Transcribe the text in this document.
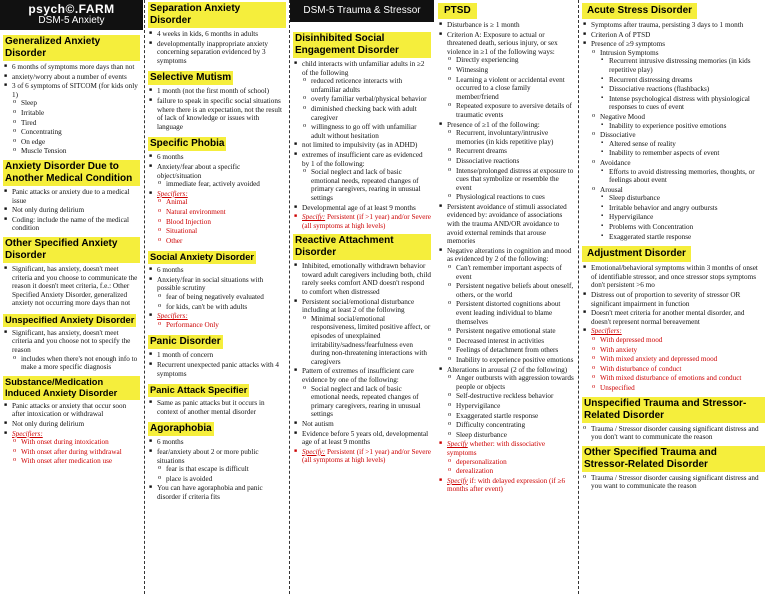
psych©.FARM
DSM-5 Anxiety
Generalized Anxiety Disorder
■ 6 months of symptoms more days than not
■ anxiety/worry about a number of events
■ 3 of 6 symptoms of SITCOM (for kids only 1)
o Sleep
o Irritable
o Tired
o Concentrating
o On edge
o Muscle Tension
Anxiety Disorder Due to Another Medical Condition
■ Panic attacks or anxiety due to a medical issue
■ Not only during delirium
■ Coding: include the name of the medical condition
Other Specified Anxiety Disorder
■ Significant, has anxiety, doesn't meet criteria and you choose to communicate the reason it doesn't meet criteria, f.e.: Other Specified Anxiety Disorder, generalized anxiety not occurring more days than not
Unspecified Anxiety Disorder
■ Significant, has anxiety, doesn't meet criteria and you choose not to specify the reason
o includes when there's not enough info to make a more specific diagnosis
Substance/Medication Induced Anxiety Disorder
■ Panic attacks or anxiety that occur soon after intoxication or withdrawal
■ Not only during delirium
■ Specifiers:
o With onset during intoxication
o With onset after during withdrawal
o With onset after medication use
Separation Anxiety Disorder
■ 4 weeks in kids, 6 months in adults
■ developmentally inappropriate anxiety concerning separation evidenced by 3 symptoms
Selective Mutism
■ 1 month (not the first month of school)
■ failure to speak in specific social situations where there is an expectation, not the result of lack of knowledge or issues with language
Specific Phobia
■ 6 months
■ Anxiety/fear about a specific object/situation
o immediate fear, actively avoided
■ Specifiers:
o Animal
o Natural environment
o Blood Injection
o Situational
o Other
Social Anxiety Disorder
■ 6 months
■ Anxiety/fear in social situations with possible scrutiny
o fear of being negatively evaluated
o for kids, can't be with adults
■ Specifiers:
o Performance Only
Panic Disorder
■ 1 month of concern
■ Recurrent unexpected panic attacks with 4 symptoms
Panic Attack Specifier
■ Same as panic attacks but it occurs in context of another mental disorder
Agoraphobia
■ 6 months
■ fear/anxiety about 2 or more public situations
o fear is that escape is difficult
o place is avoided
■ You can have agoraphobia and panic disorder if criteria fits
DSM-5 Trauma & Stressor
Disinhibited Social Engagement Disorder
■ child interacts with unfamiliar adults in ≥2 of the following
o reduced reticence interacts with unfamiliar adults
o overly familiar verbal/physical behavior
o diminished checking back with adult caregiver
o willingness to go off with unfamiliar adult without hesitation
■ not limited to impulsivity (as in ADHD)
■ extremes of insufficient care as evidenced by 1 of the following:
o Social neglect and lack of basic emotional needs, repeated changes of primary caregivers, rearing in unusual settings
■ Developmental age of at least 9 months
■ Specify: Persistent (if >1 year) and/or Severe (all symptoms at high levels)
Reactive Attachment Disorder
■ Inhibited, emotionally withdrawn behavior toward adult caregivers including both, child rarely seeks comfort AND doesn't respond to comfort when distressed
■ Persistent social/emotional disturbance including at least 2 of the following
o Minimal social/emotional responsiveness, limited positive affect, or episodes of unexplained irritability/sadness/fearfulness even during non-threatening interactions with caregivers
■ Pattern of extremes of insufficient care evidence by one of the following:
o Social neglect and lack of basic emotional needs, repeated changes of primary caregivers, rearing in unusual settings
■ Not autism
■ Evidence before 5 years old, developmental age of at least 9 months
■ Specify: Persistent (if >1 year) and/or Severe (all symptoms at high levels)
PTSD
■ Disturbance is ≥ 1 month
■ Criterion A: Exposure to actual or threatened death, serious injury, or sex violence in ≥1 of the following ways:
o Directly experiencing
o Witnessing
o Learning a violent or accidental event occurred to a close family member/friend
o Repeated exposure to aversive details of traumatic events
■ Presence of ≥1 of the following:
o Recurrent, involuntary/intrusive memories (in kids repetitive play)
o Recurrent dreams
o Dissociative reactions
o Intense/prolonged distress at exposure to cues that symbolize or resemble the event
o Physiological reactions to cues
■ Persistent avoidance of stimuli associated evidenced by: avoidance of associations with the trauma AND/OR avoidance to avoid external reminds that arouse memories
■ Negative alterations in cognition and mood as evidenced by 2 of the following:
o Can't remember important aspects of event
o Persistent negative beliefs about oneself, others, or the world
o Persistent distorted cognitions about event leading individual to blame themselves
o Persistent negative emotional state
o Decreased interest in activities
o Feelings of detachment from others
o Inability to experience positive emotions
■ Alterations in arousal (2 of the following)
o Anger outbursts with aggression towards people or objects
o Self-destructive reckless behavior
o Hypervigilance
o Exaggerated startle response
o Difficulty concentrating
o Sleep disturbance
■ Specify whether: with dissociative symptoms
o depersonalization
o derealization
■ Specify if: with delayed expression (if ≥6 months after event)
Acute Stress Disorder
■ Symptoms after trauma, persisting 3 days to 1 month
■ Criterion A of PTSD
■ Presence of ≥9 symptoms
o Intrusion Symptoms
▪ Recurrent intrusive distressing memories (in kids repetitive play)
▪ Recurrent distressing dreams
▪ Dissociative reactions (flashbacks)
▪ Intense psychological distress with physiological responses to cues of event
o Negative Mood
▪ Inability to experience positive emotions
o Dissociative
▪ Altered sense of reality
▪ Inability to remember aspects of event
o Avoidance
▪ Efforts to avoid distressing memories, thoughts, or feelings about event
o Arousal
▪ Sleep disturbance
▪ Irritable behavior and angry outbursts
▪ Hypervigilance
▪ Problems with Concentration
▪ Exaggerated startle response
Adjustment Disorder
■ Emotional/behavioral symptoms within 3 months of onset of identifiable stressor, and once stressor stops symptoms don't persistent >6 mo
■ Distress out of proportion to severity of stressor OR significant impairment in function
■ Doesn't meet criteria for another mental disorder, and doesn't represent normal bereavement
■ Specifiers:
o With depressed mood
o With anxiety
o With mixed anxiety and depressed mood
o With disturbance of conduct
o With mixed disturbance of emotions and conduct
o Unspecified
Unspecified Trauma and Stressor-Related Disorder
o Trauma / Stressor disorder causing significant distress and you don't want to communicate the reason
Other Specified Trauma and Stressor-Related Disorder
o Trauma / Stressor disorder causing significant distress and you want to communicate the reason
